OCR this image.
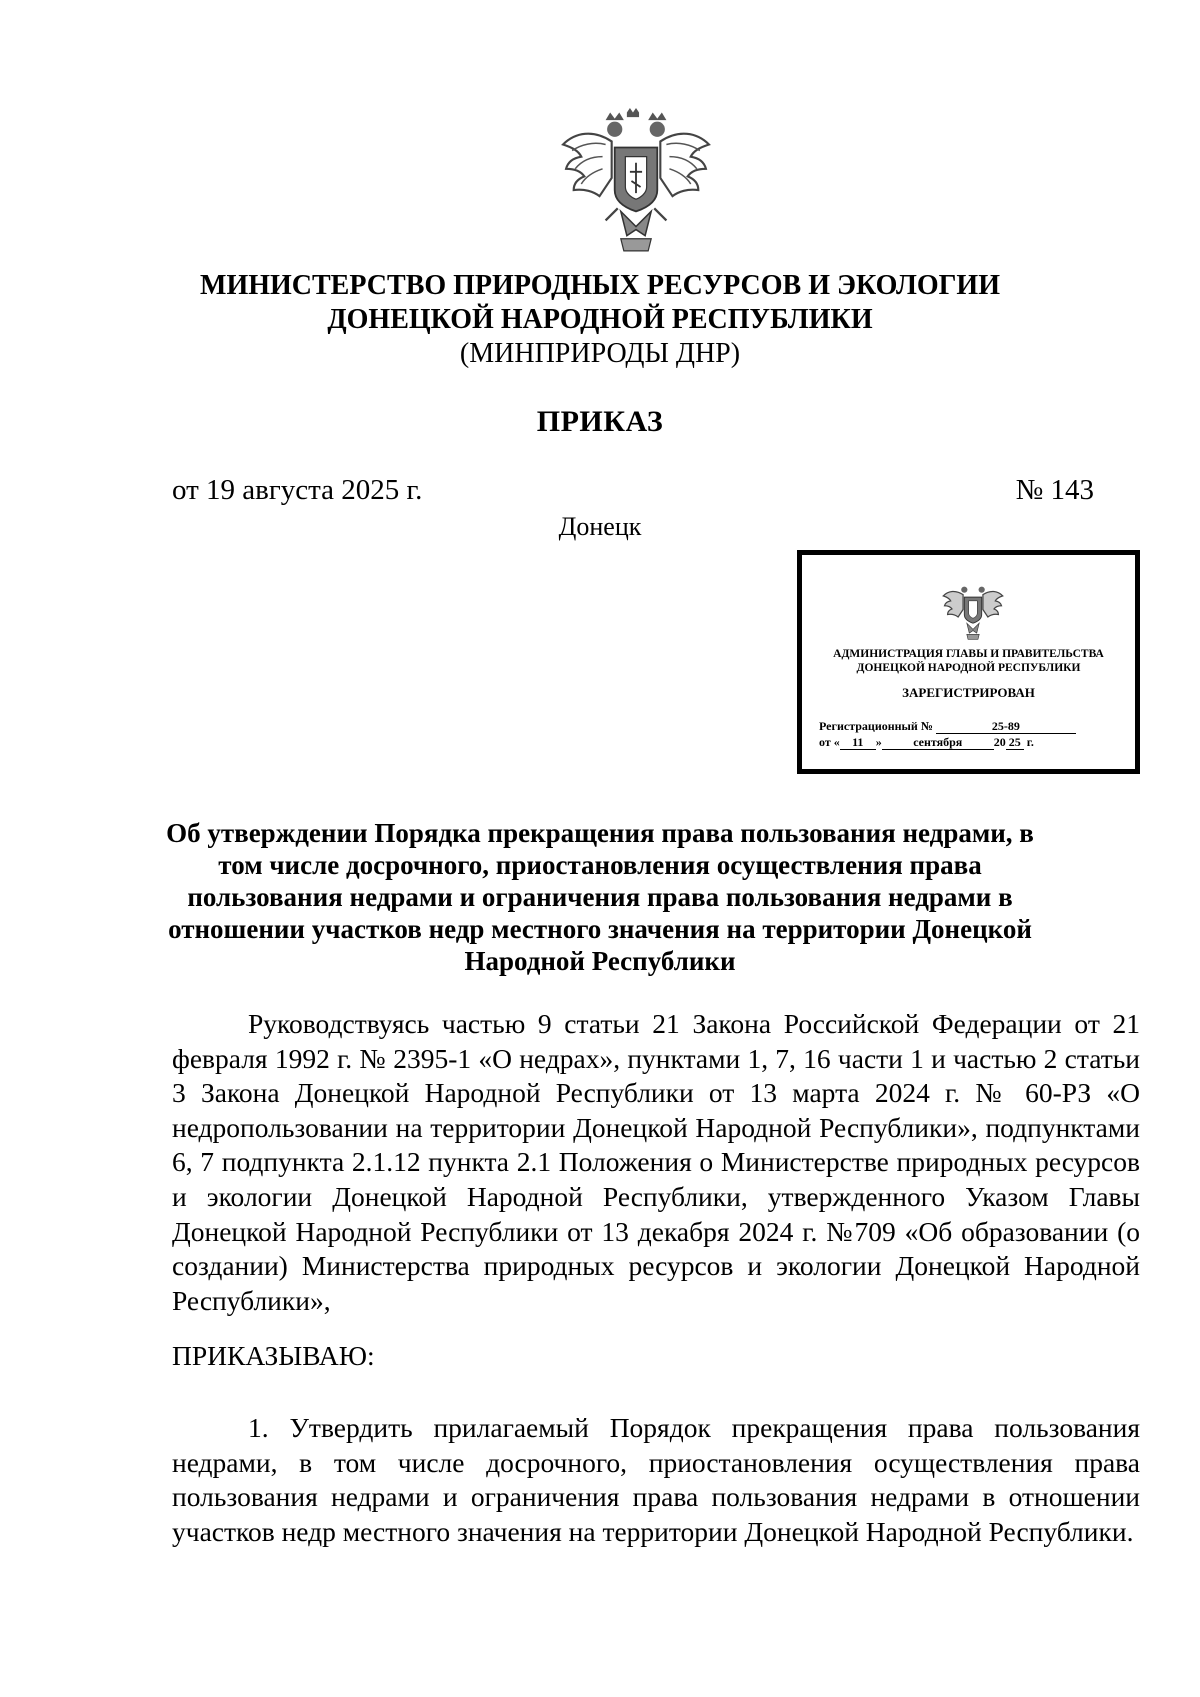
МИНИСТЕРСТВО ПРИРОДНЫХ РЕСУРСОВ И ЭКОЛОГИИ
ДОНЕЦКОЙ НАРОДНОЙ РЕСПУБЛИКИ
(МИНПРИРОДЫ ДНР)
ПРИКАЗ
от 19 августа 2025 г.	№ 143
Донецк
АДМИНИСТРАЦИЯ ГЛАВЫ И ПРАВИТЕЛЬСТВА
ДОНЕЦКОЙ НАРОДНОЙ РЕСПУБЛИКИ
ЗАРЕГИСТРИРОВАН
Регистрационный №	25-89
от « 11 »	сентября	20 25 г.
Об утверждении Порядка прекращения права пользования недрами, в том числе досрочного, приостановления осуществления права пользования недрами и ограничения права пользования недрами в отношении участков недр местного значения на территории Донецкой Народной Республики
Руководствуясь частью 9 статьи 21 Закона Российской Федерации от 21 февраля 1992 г. № 2395-1 «О недрах», пунктами 1, 7, 16 части 1 и частью 2 статьи 3 Закона Донецкой Народной Республики от 13 марта 2024 г. № 60-РЗ «О недропользовании на территории Донецкой Народной Республики», подпунктами 6, 7 подпункта 2.1.12 пункта 2.1 Положения о Министерстве природных ресурсов и экологии Донецкой Народной Республики, утвержденного Указом Главы Донецкой Народной Республики от 13 декабря 2024 г. №709 «Об образовании (о создании) Министерства природных ресурсов и экологии Донецкой Народной Республики»,
ПРИКАЗЫВАЮ:
1. Утвердить прилагаемый Порядок прекращения права пользования недрами, в том числе досрочного, приостановления осуществления права пользования недрами и ограничения права пользования недрами в отношении участков недр местного значения на территории Донецкой Народной Республики.
